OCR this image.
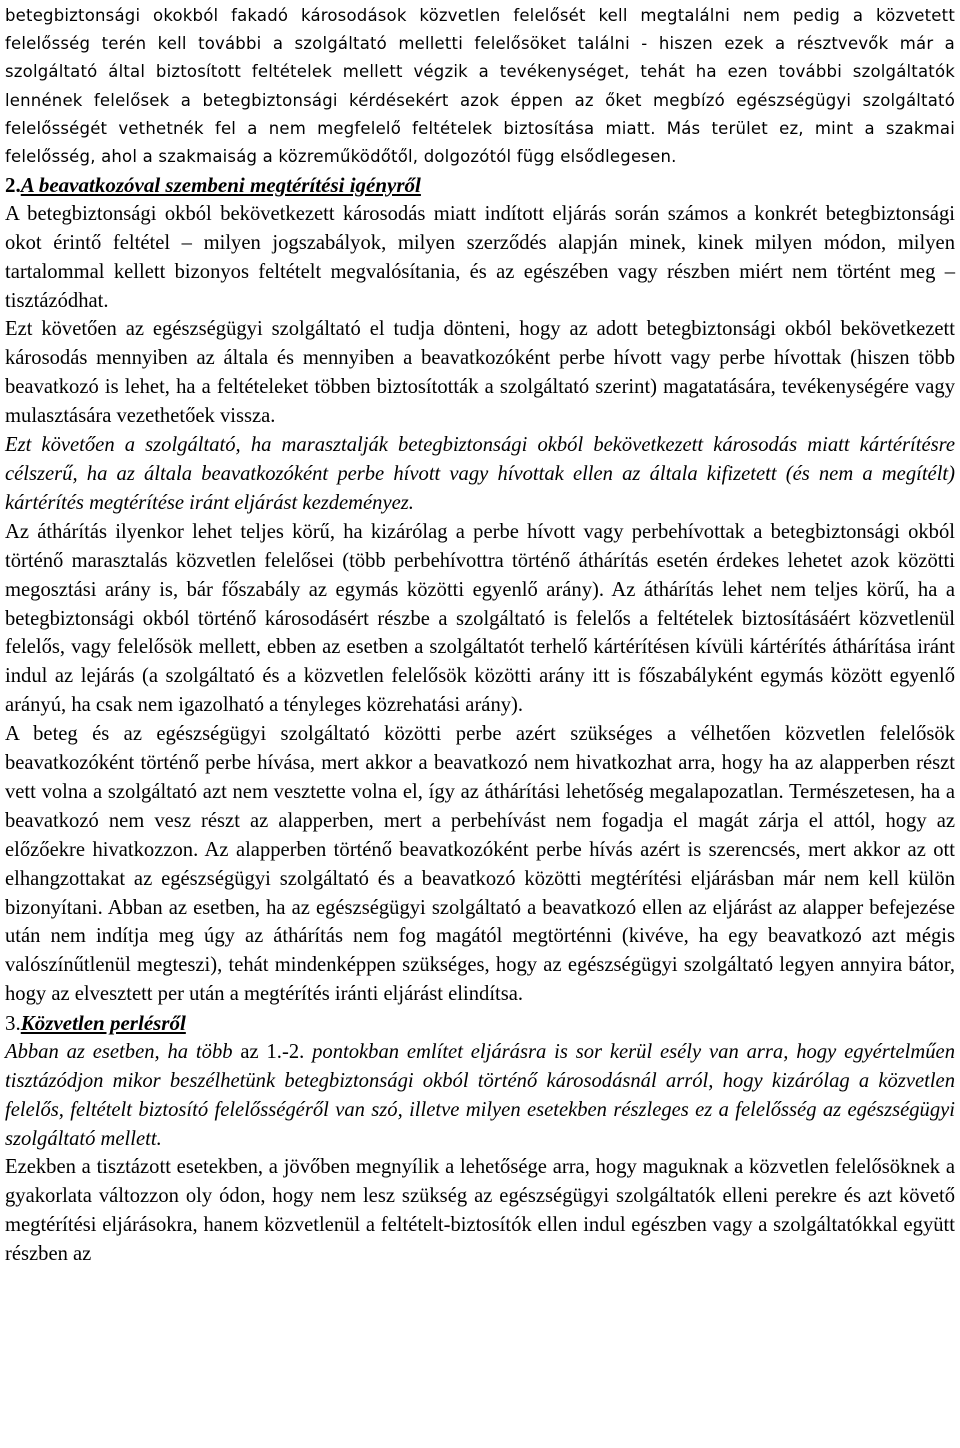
betegbiztonsági okokból fakadó károsodások közvetlen felelősét kell megtalálni nem pedig a közvetett felelősség terén kell további a szolgáltató melletti felelősöket találni - hiszen ezek a résztvevők már a szolgáltató által biztosított feltételek mellett végzik a tevékenységet, tehát ha ezen további szolgáltatók lennének felelősek a betegbiztonsági kérdésekért azok éppen az őket megbízó egészségügyi szolgáltató felelősségét vethetnék fel a nem megfelelő feltételek biztosítása miatt. Más terület ez, mint a szakmai felelősség, ahol a szakmaiság a közreműködőtől, dolgozótól függ elsődlegesen.

2.A beavatkozóval szembeni megtérítési igényről

A betegbiztonsági okból bekövetkezett károsodás miatt indított eljárás során számos a konkrét betegbiztonsági okot érintő feltétel – milyen jogszabályok, milyen szerződés alapján minek, kinek milyen módon, milyen tartalommal kellett bizonyos feltételt megvalósítania, és az egészében vagy részben miért nem történt meg – tisztázódhat.

Ezt követően az egészségügyi szolgáltató el tudja dönteni, hogy az adott betegbiztonsági okból bekövetkezett károsodás mennyiben az általa és mennyiben a beavatkozóként perbe hívott vagy perbe hívottak (hiszen több beavatkozó is lehet, ha a feltételeket többen biztosították a szolgáltató szerint) magatatására, tevékenységére vagy mulasztására vezethetőek vissza.

Ezt követően a szolgáltató, ha marasztalják betegbiztonsági okból bekövetkezett károsodás miatt kártérítésre célszerű, ha az általa beavatkozóként perbe hívott vagy hívottak ellen az általa kifizetett (és nem a megítélt) kártérítés megtérítése iránt eljárást kezdeményez.

Az áthárítás ilyenkor lehet teljes körű, ha kizárólag a perbe hívott vagy perbehívottak a betegbiztonsági okból történő marasztalás közvetlen felelősei (több perbehívottra történő áthárítás esetén érdekes lehetet azok közötti megosztási arány is, bár főszabály az egymás közötti egyenlő arány). Az áthárítás lehet nem teljes körű, ha a betegbiztonsági okból történő károsodásért részbe a szolgáltató is felelős a feltételek biztosításáért közvetlenül felelős, vagy felelősök mellett, ebben az esetben a szolgáltatót terhelő kártérítésen kívüli kártérítés áthárítása iránt indul az lejárás (a szolgáltató és a közvetlen felelősök közötti arány itt is főszabályként egymás között egyenlő arányú, ha csak nem igazolható a tényleges közrehatási arány).

A beteg és az egészségügyi szolgáltató közötti perbe azért szükséges a vélhetően közvetlen felelősök beavatkozóként történő perbe hívása, mert akkor a beavatkozó nem hivatkozhat arra, hogy ha az alapperben részt vett volna a szolgáltató azt nem vesztette volna el, így az áthárítási lehetőség megalapozatlan. Természetesen, ha a beavatkozó nem vesz részt az alapperben, mert a perbehívást nem fogadja el magát zárja el attól, hogy az előzőekre hivatkozzon. Az alapperben történő beavatkozóként perbe hívás azért is szerencsés, mert akkor az ott elhangzottakat az egészségügyi szolgáltató és a beavatkozó közötti megtérítési eljárásban már nem kell külön bizonyítani. Abban az esetben, ha az egészségügyi szolgáltató a beavatkozó ellen az eljárást az alapper befejezése után nem indítja meg úgy az áthárítás nem fog magától megtörténni (kivéve, ha egy beavatkozó azt mégis valószínűtlenül megteszi), tehát mindenképpen szükséges, hogy az egészségügyi szolgáltató legyen annyira bátor, hogy az elvesztett per után a megtérítés iránti eljárást elindítsa.

3.Közvetlen perlésről

Abban az esetben, ha több az 1.-2. pontokban említet eljárásra is sor kerül esély van arra, hogy egyértelműen tisztázódjon mikor beszélhetünk betegbiztonsági okból történő károsodásnál arról, hogy kizárólag a közvetlen felelős, feltételt biztosító felelősségéről van szó, illetve milyen esetekben részleges ez a felelősség az egészségügyi szolgáltató mellett.

Ezekben a tisztázott esetekben, a jövőben megnyílik a lehetősége arra, hogy maguknak a közvetlen felelősöknek a gyakorlata változzon oly ódon, hogy nem lesz szükség az egészségügyi szolgáltatók elleni perekre és azt követő megtérítési eljárásokra, hanem közvetlenül a feltételt-biztosítók ellen indul egészben vagy a szolgáltatókkal együtt részben az
